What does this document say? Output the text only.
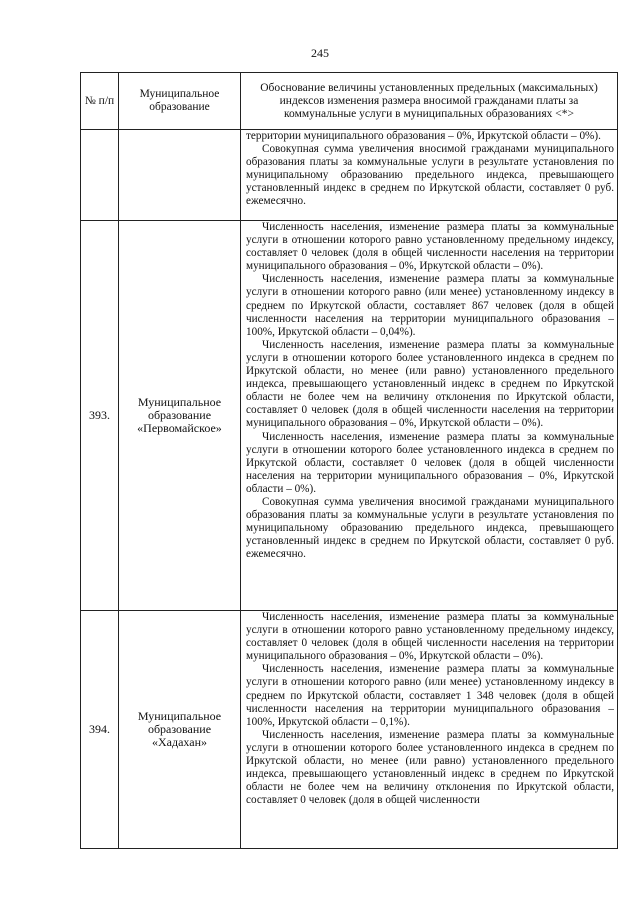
245
№ п/п	Муниципальное образование	Обоснование величины установленных предельных (максимальных) индексов изменения размера вносимой гражданами платы за коммунальные услуги в муниципальных образованиях <*>

		территории муниципального образования – 0%, Иркутской области – 0%).

Совокупная сумма увеличения вносимой гражданами муниципального образования платы за коммунальные услуги в результате установления по муниципальному образованию предельного индекса, превышающего установленный индекс в среднем по Иркутской области, составляет 0 руб. ежемесячно.

393.	Муниципальное образование «Первомайское»	Численность населения, изменение размера платы за коммунальные услуги в отношении которого равно установленному предельному индексу, составляет 0 человек (доля в общей численности населения на территории муниципального образования – 0%, Иркутской области – 0%).

Численность населения, изменение размера платы за коммунальные услуги в отношении которого равно (или менее) установленному индексу в среднем по Иркутской области, составляет 867 человек (доля в общей численности населения на территории муниципального образования – 100%, Иркутской области – 0,04%).

Численность населения, изменение размера платы за коммунальные услуги в отношении которого более установленного индекса в среднем по Иркутской области, но менее (или равно) установленного предельного индекса, превышающего установленный индекс в среднем по Иркутской области не более чем на величину отклонения по Иркутской области, составляет 0 человек (доля в общей численности населения на территории муниципального образования – 0%, Иркутской области – 0%).

Численность населения, изменение размера платы за коммунальные услуги в отношении которого более установленного индекса в среднем по Иркутской области, составляет 0 человек (доля в общей численности населения на территории муниципального образования – 0%, Иркутской области – 0%).

Совокупная сумма увеличения вносимой гражданами муниципального образования платы за коммунальные услуги в результате установления по муниципальному образованию предельного индекса, превышающего установленный индекс в среднем по Иркутской области, составляет 0 руб. ежемесячно.

394.	Муниципальное образование «Хадахан»	Численность населения, изменение размера платы за коммунальные услуги в отношении которого равно установленному предельному индексу, составляет 0 человек (доля в общей численности населения на территории муниципального образования – 0%, Иркутской области – 0%).

Численность населения, изменение размера платы за коммунальные услуги в отношении которого равно (или менее) установленному индексу в среднем по Иркутской области, составляет 1 348 человек (доля в общей численности населения на территории муниципального образования – 100%, Иркутской области – 0,1%).

Численность населения, изменение размера платы за коммунальные услуги в отношении которого более установленного индекса в среднем по Иркутской области, но менее (или равно) установленного предельного индекса, превышающего установленный индекс в среднем по Иркутской области не более чем на величину отклонения по Иркутской области, составляет 0 человек (доля в общей численности
